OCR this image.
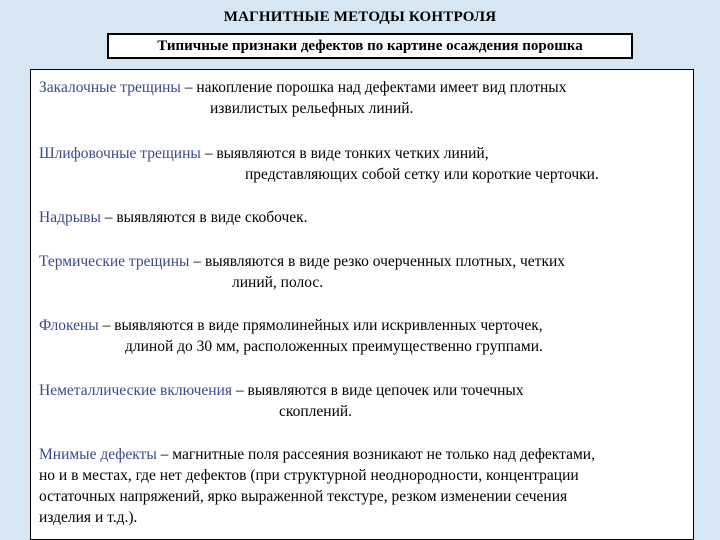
МАГНИТНЫЕ МЕТОДЫ КОНТРОЛЯ
Типичные признаки дефектов по картине осаждения порошка
Закалочные трещины – накопление порошка над дефектами имеет вид плотных
извилистых рельефных линий.
Шлифовочные трещины – выявляются в виде тонких четких линий,
представляющих собой сетку или короткие черточки.
Надрывы – выявляются в виде скобочек.
Термические трещины – выявляются в виде резко очерченных плотных, четких
линий, полос.
Флокены – выявляются в виде прямолинейных или искривленных черточек,
длиной до 30 мм, расположенных преимущественно группами.
Неметаллические включения – выявляются в виде цепочек или точечных
скоплений.
Мнимые дефекты – магнитные поля рассеяния возникают не только над дефектами,
но и в местах, где нет дефектов (при структурной неоднородности, концентрации
остаточных напряжений, ярко выраженной текстуре, резком изменении сечения
изделия и т.д.).
